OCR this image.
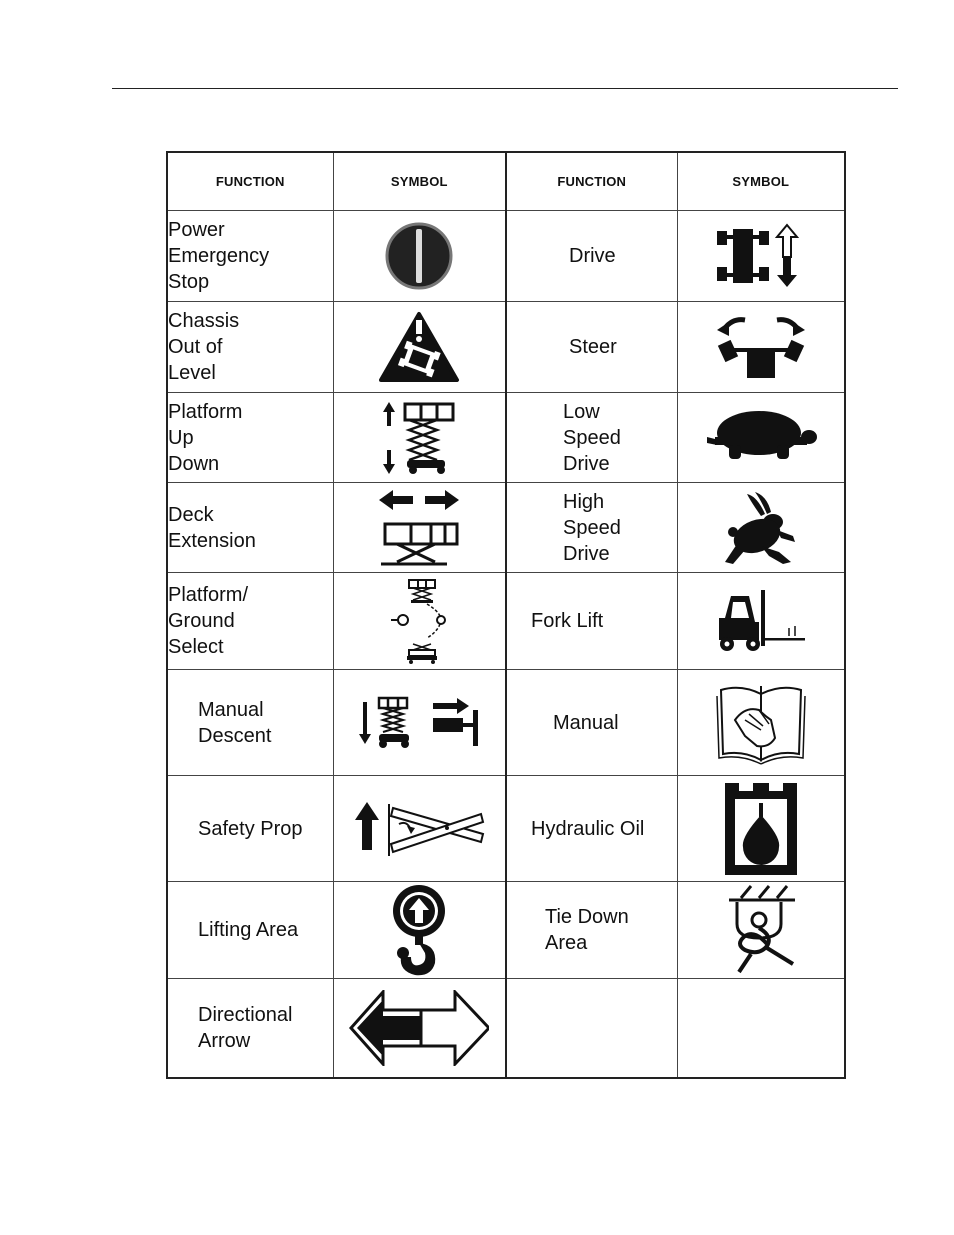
FUNCTION	SYMBOL	FUNCTION	SYMBOL
Power
Emergency
Stop		Drive	

Chassis
Out of
Level		Steer	

Platform
Up
Down		Low
Speed
Drive	

Deck
Extension		High
Speed
Drive	

Platform/
Ground
Select		Fork Lift	

Manual
Descent		Manual	

Safety Prop		Hydraulic Oil	

Lifting Area		Tie Down
Area	

Directional
Arrow	
